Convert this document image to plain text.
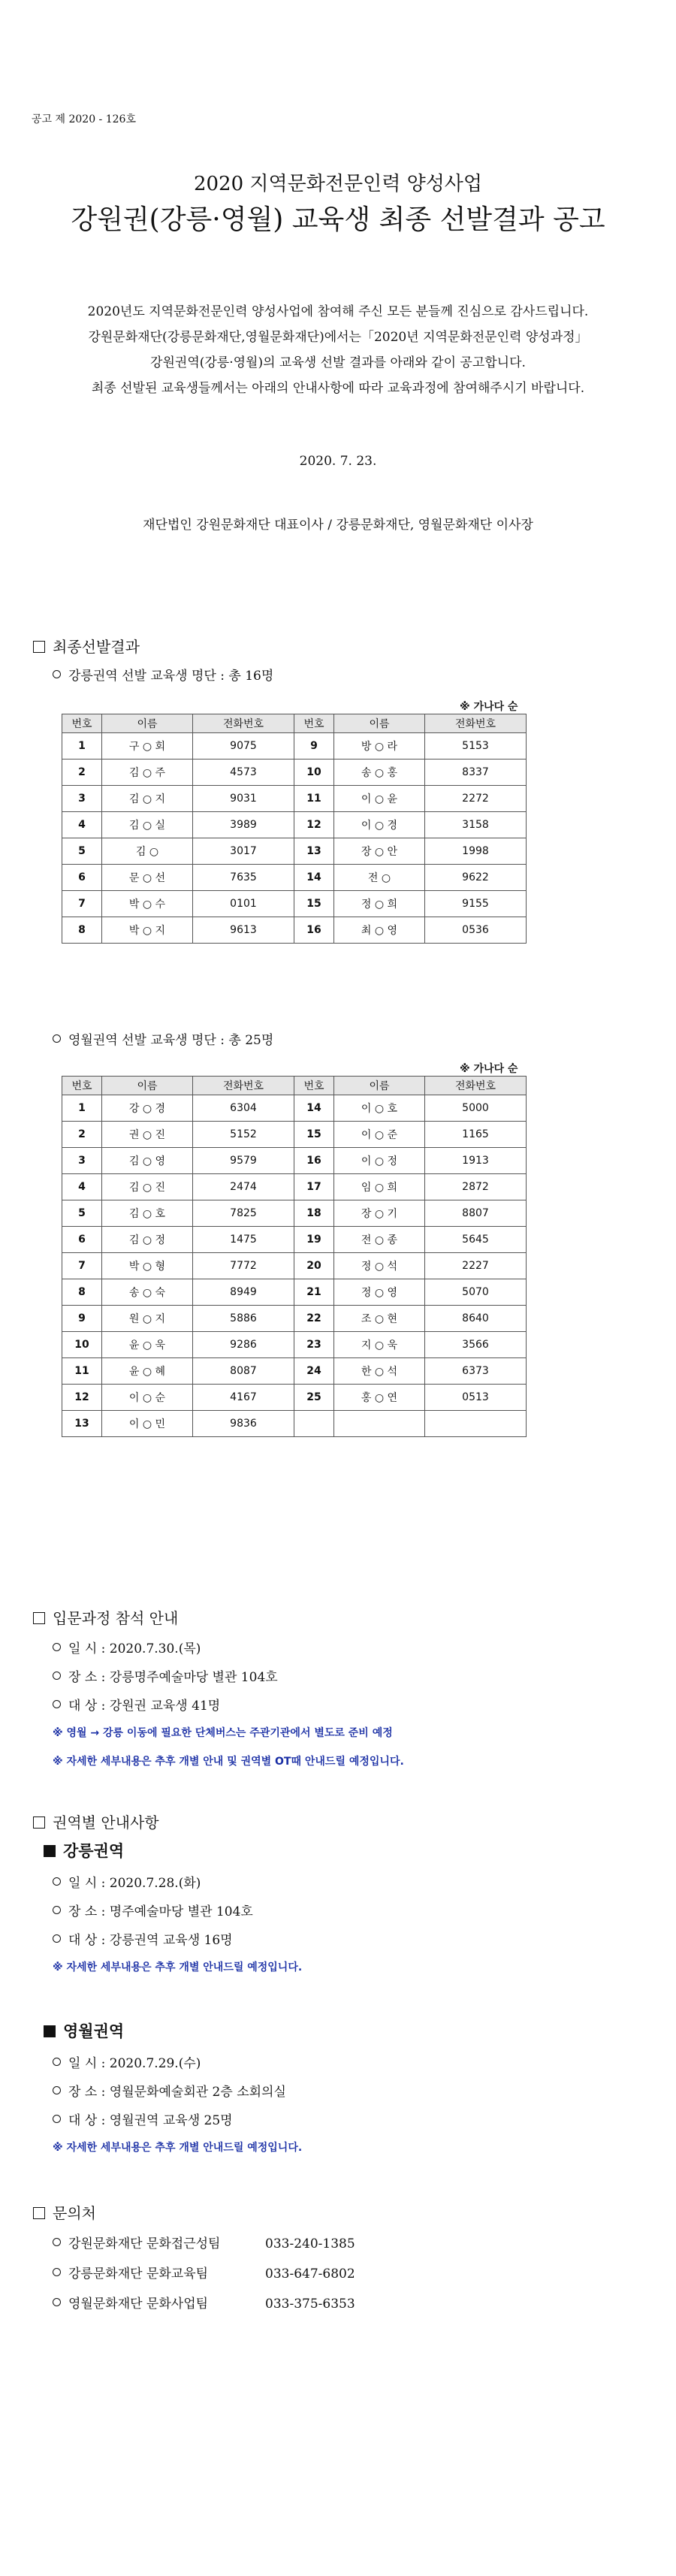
공고 제 2020 - 126호
2020 지역문화전문인력 양성사업
강원권(강릉·영월) 교육생 최종 선발결과 공고
2020년도 지역문화전문인력 양성사업에 참여해 주신 모든 분들께 진심으로 감사드립니다.
강원문화재단(강릉문화재단,영월문화재단)에서는「2020년 지역문화전문인력 양성과정」
강원권역(강릉·영월)의 교육생 선발 결과를 아래와 같이 공고합니다.
최종 선발된 교육생들께서는 아래의 안내사항에 따라 교육과정에 참여해주시기 바랍니다.
2020. 7. 23.
재단법인 강원문화재단 대표이사 / 강릉문화재단, 영월문화재단 이사장
최종선발결과
강릉권역 선발 교육생 명단 : 총 16명
※ 가나다 순
번호	이름	전화번호	번호	이름	전화번호
1	구 ○ 회	9075	9	방 ○ 라	5153
2	김 ○ 주	4573	10	송 ○ 홍	8337
3	김 ○ 지	9031	11	이 ○ 윤	2272
4	김 ○ 실	3989	12	이 ○ 경	3158
5	김 ○	3017	13	장 ○ 안	1998
6	문 ○ 선	7635	14	전 ○	9622
7	박 ○ 수	0101	15	정 ○ 희	9155
8	박 ○ 지	9613	16	최 ○ 영	0536
영월권역 선발 교육생 명단 : 총 25명
※ 가나다 순
번호	이름	전화번호	번호	이름	전화번호
1	강 ○ 경	6304	14	이 ○ 호	5000
2	권 ○ 진	5152	15	이 ○ 준	1165
3	김 ○ 영	9579	16	이 ○ 정	1913
4	김 ○ 진	2474	17	임 ○ 희	2872
5	김 ○ 호	7825	18	장 ○ 기	8807
6	김 ○ 정	1475	19	전 ○ 종	5645
7	박 ○ 형	7772	20	정 ○ 석	2227
8	송 ○ 숙	8949	21	정 ○ 영	5070
9	원 ○ 지	5886	22	조 ○ 현	8640
10	윤 ○ 욱	9286	23	지 ○ 욱	3566
11	윤 ○ 혜	8087	24	한 ○ 석	6373
12	이 ○ 순	4167	25	홍 ○ 연	0513
13	이 ○ 민	9836			
입문과정 참석 안내
일 시 : 2020.7.30.(목)
장 소 : 강릉명주예술마당 별관 104호
대 상 : 강원권 교육생 41명
※ 영월 → 강릉 이동에 필요한 단체버스는 주관기관에서 별도로 준비 예정
※ 자세한 세부내용은 추후 개별 안내 및 권역별 OT때 안내드릴 예정입니다.
권역별 안내사항
강릉권역
일 시 : 2020.7.28.(화)
장 소 : 명주예술마당 별관 104호
대 상 : 강릉권역 교육생 16명
※ 자세한 세부내용은 추후 개별 안내드릴 예정입니다.
영월권역
일 시 : 2020.7.29.(수)
장 소 : 영월문화예술회관 2층 소회의실
대 상 : 영월권역 교육생 25명
※ 자세한 세부내용은 추후 개별 안내드릴 예정입니다.
문의처
강원문화재단 문화접근성팀	033-240-1385
강릉문화재단 문화교육팀	033-647-6802
영월문화재단 문화사업팀	033-375-6353
